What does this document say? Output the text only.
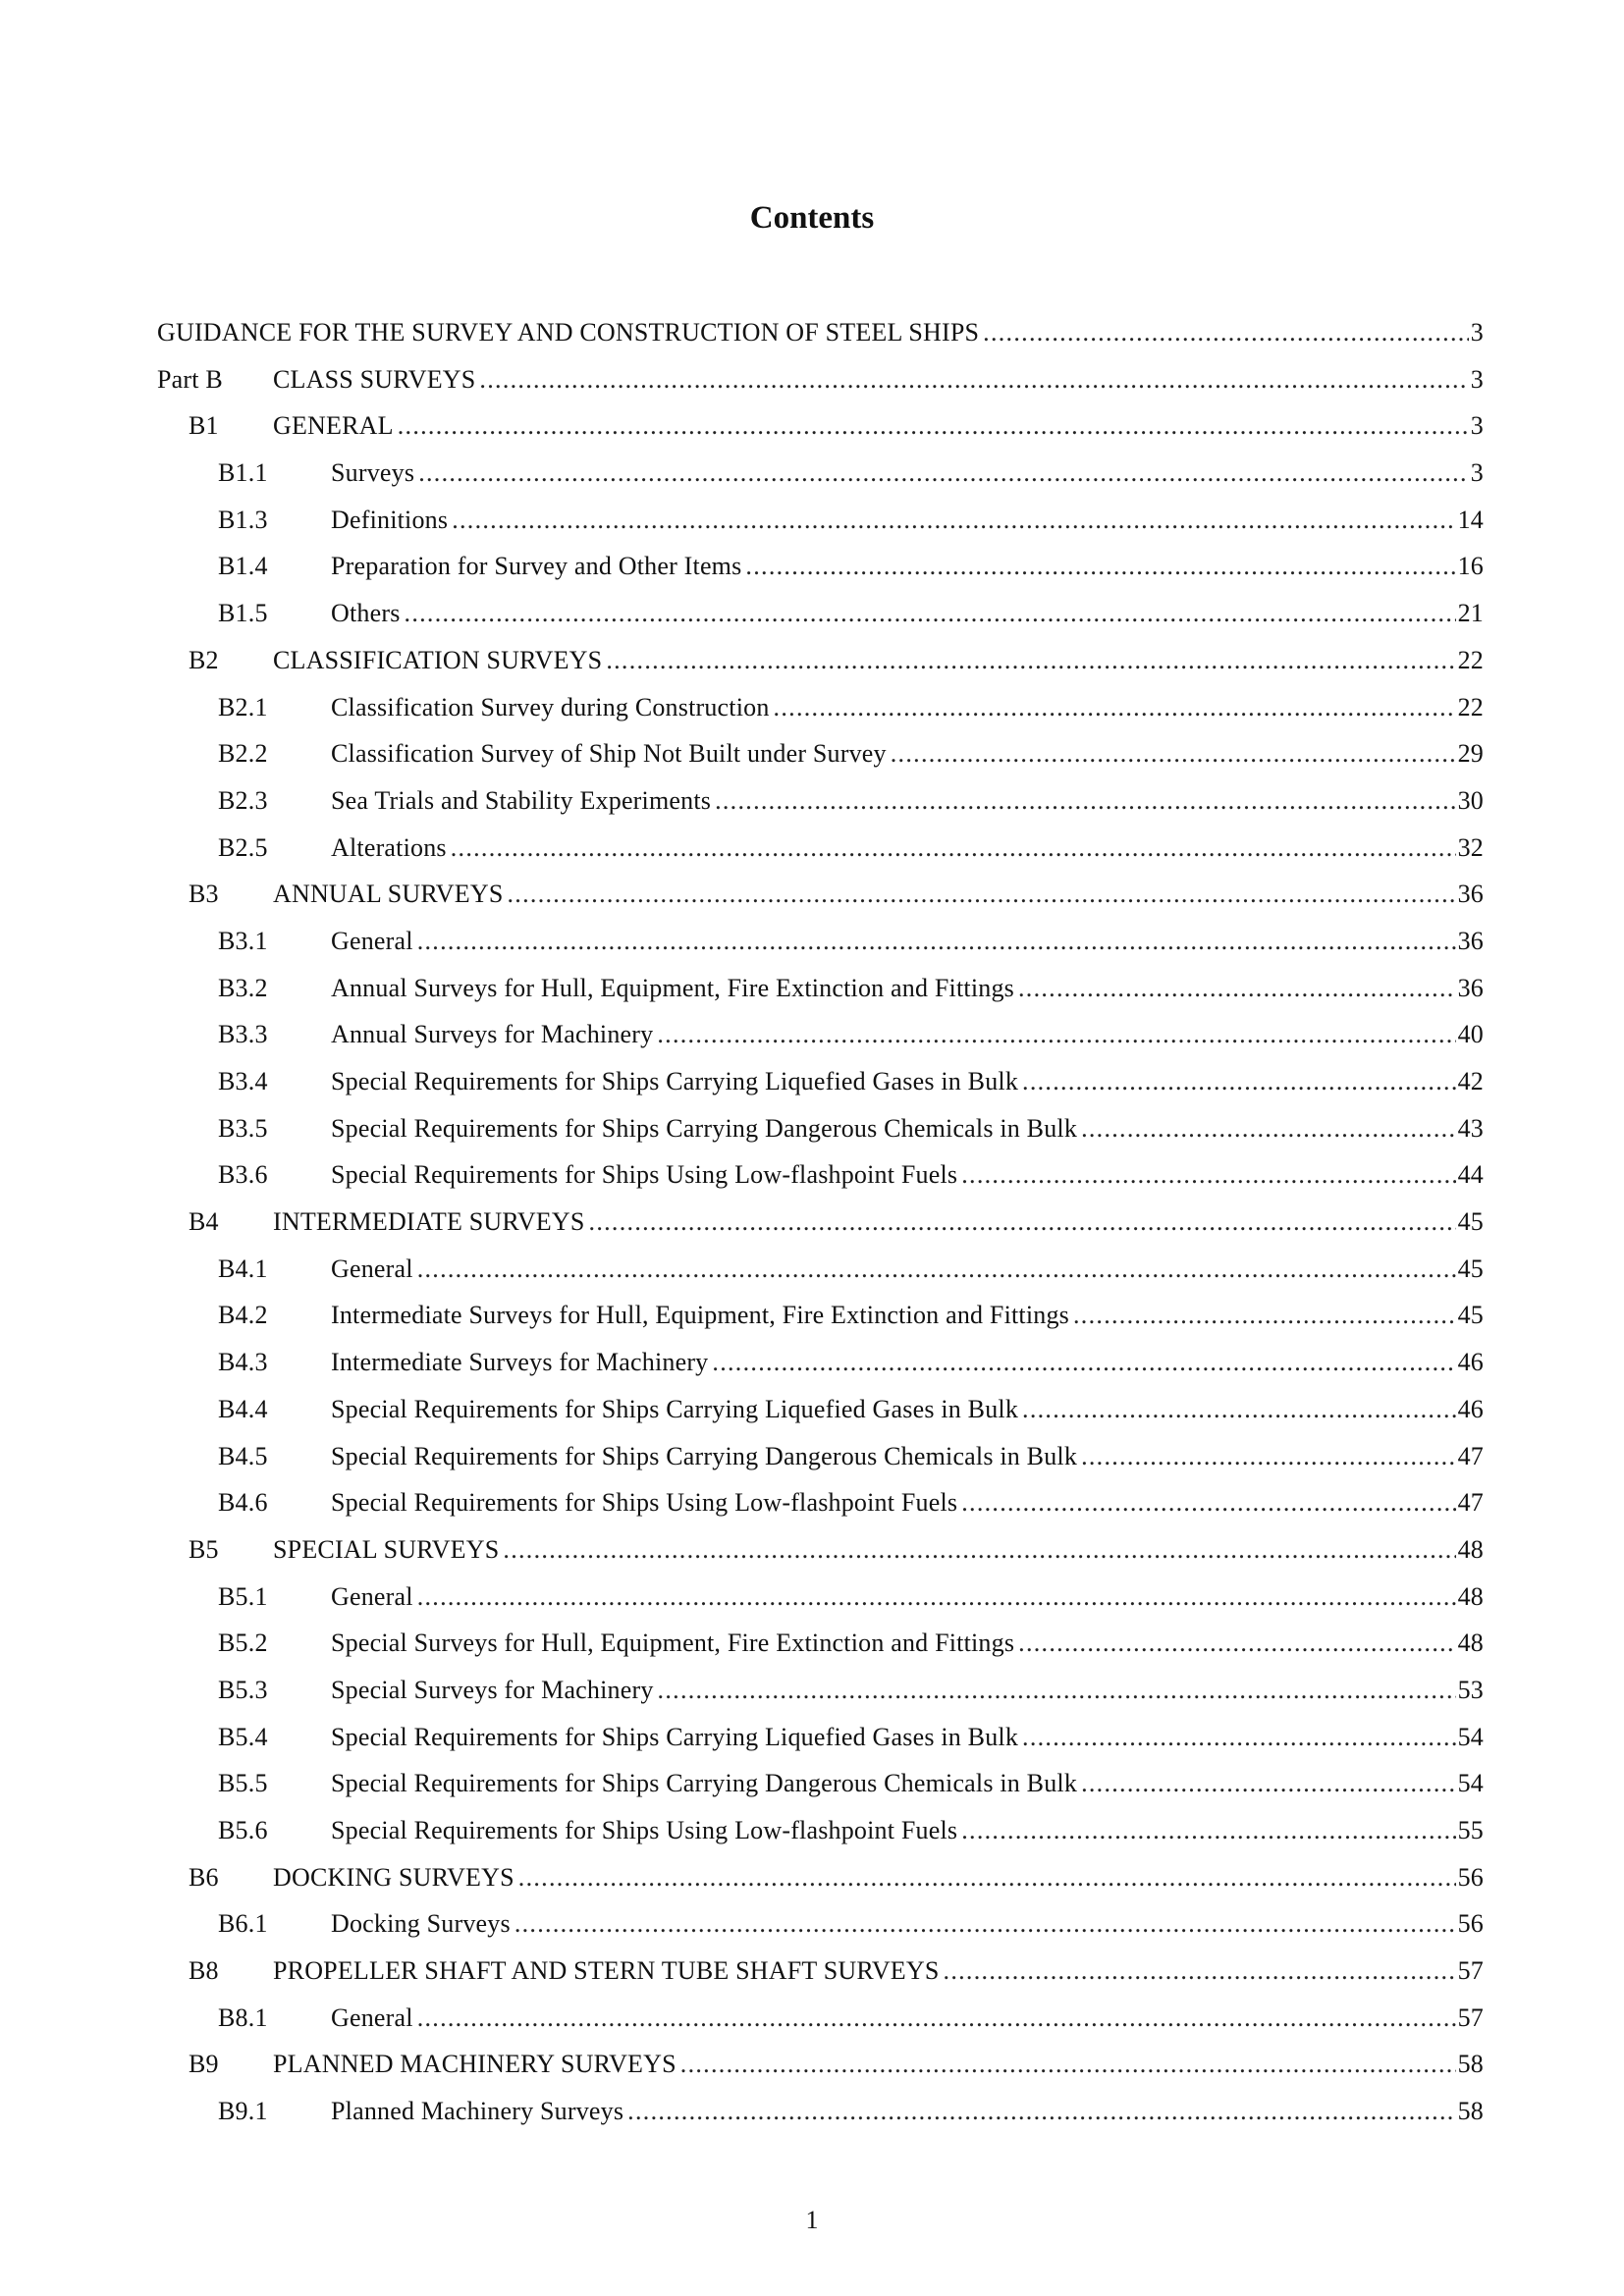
Contents
GUIDANCE FOR THE SURVEY AND CONSTRUCTION OF STEEL SHIPS .....	3
Part B	CLASS SURVEYS .....	3
B1	GENERAL .....	3
B1.1	Surveys .....	3
B1.3	Definitions .....	14
B1.4	Preparation for Survey and Other Items .....	16
B1.5	Others .....	21
B2	CLASSIFICATION SURVEYS .....	22
B2.1	Classification Survey during Construction .....	22
B2.2	Classification Survey of Ship Not Built under Survey .....	29
B2.3	Sea Trials and Stability Experiments .....	30
B2.5	Alterations .....	32
B3	ANNUAL SURVEYS .....	36
B3.1	General .....	36
B3.2	Annual Surveys for Hull, Equipment, Fire Extinction and Fittings .....	36
B3.3	Annual Surveys for Machinery .....	40
B3.4	Special Requirements for Ships Carrying Liquefied Gases in Bulk .....	42
B3.5	Special Requirements for Ships Carrying Dangerous Chemicals in Bulk .....	43
B3.6	Special Requirements for Ships Using Low-flashpoint Fuels .....	44
B4	INTERMEDIATE SURVEYS .....	45
B4.1	General .....	45
B4.2	Intermediate Surveys for Hull, Equipment, Fire Extinction and Fittings .....	45
B4.3	Intermediate Surveys for Machinery .....	46
B4.4	Special Requirements for Ships Carrying Liquefied Gases in Bulk .....	46
B4.5	Special Requirements for Ships Carrying Dangerous Chemicals in Bulk .....	47
B4.6	Special Requirements for Ships Using Low-flashpoint Fuels .....	47
B5	SPECIAL SURVEYS .....	48
B5.1	General .....	48
B5.2	Special Surveys for Hull, Equipment, Fire Extinction and Fittings .....	48
B5.3	Special Surveys for Machinery .....	53
B5.4	Special Requirements for Ships Carrying Liquefied Gases in Bulk .....	54
B5.5	Special Requirements for Ships Carrying Dangerous Chemicals in Bulk .....	54
B5.6	Special Requirements for Ships Using Low-flashpoint Fuels .....	55
B6	DOCKING SURVEYS .....	56
B6.1	Docking Surveys .....	56
B8	PROPELLER SHAFT AND STERN TUBE SHAFT SURVEYS .....	57
B8.1	General .....	57
B9	PLANNED MACHINERY SURVEYS .....	58
B9.1	Planned Machinery Surveys .....	58
1
